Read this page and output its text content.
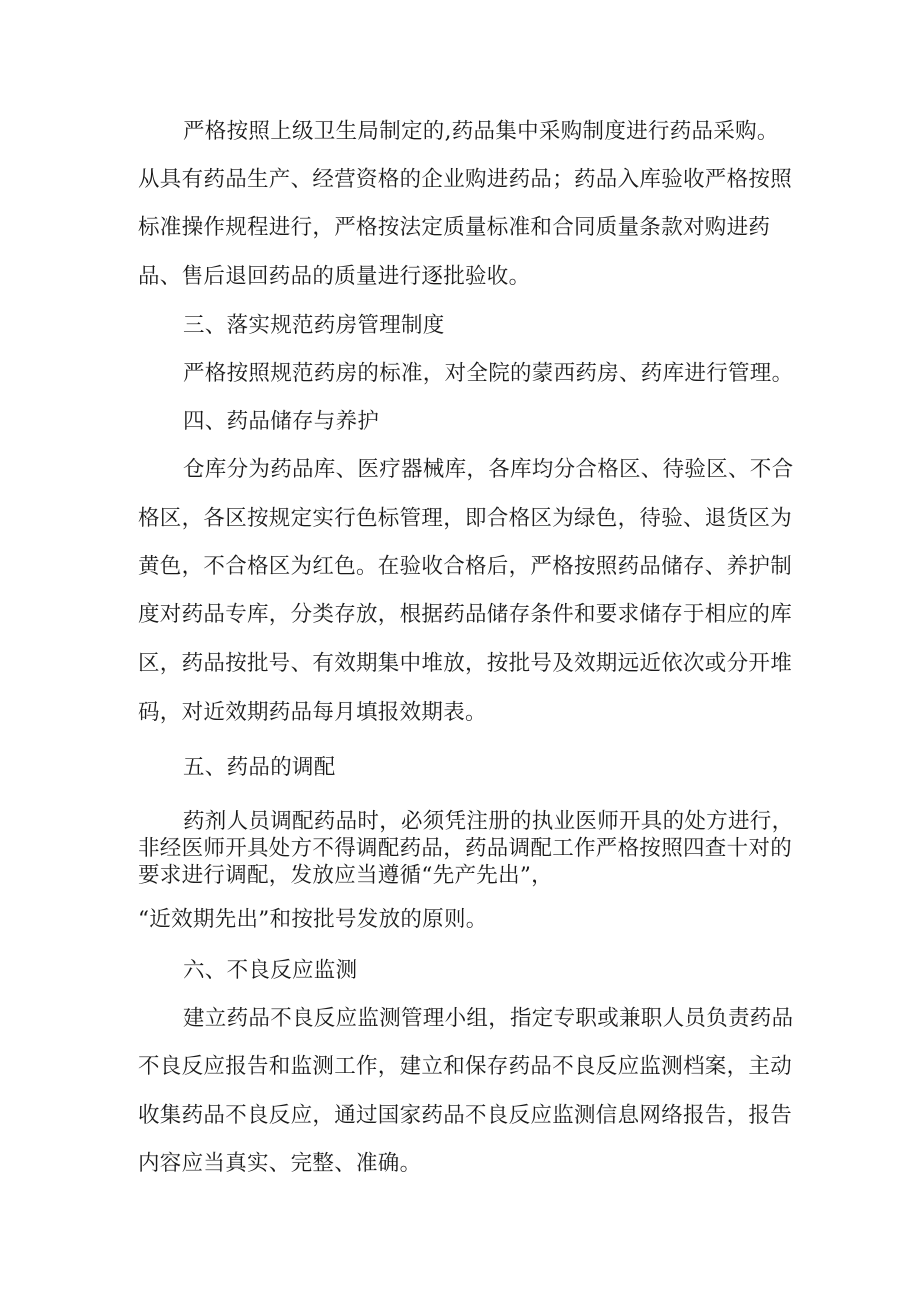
严格按照上级卫生局制定的,药品集中采购制度进行药品采购。
从具有药品生产、经营资格的企业购进药品；药品入库验收严格按照
标准操作规程进行，严格按法定质量标准和合同质量条款对购进药
品、售后退回药品的质量进行逐批验收。
三、落实规范药房管理制度
严格按照规范药房的标准，对全院的蒙西药房、药库进行管理。
四、药品储存与养护
仓库分为药品库、医疗器械库，各库均分合格区、待验区、不合
格区，各区按规定实行色标管理，即合格区为绿色，待验、退货区为
黄色，不合格区为红色。在验收合格后，严格按照药品储存、养护制
度对药品专库，分类存放，根据药品储存条件和要求储存于相应的库
区，药品按批号、有效期集中堆放，按批号及效期远近依次或分开堆
码，对近效期药品每月填报效期表。
五、药品的调配
药剂人员调配药品时，必须凭注册的执业医师开具的处方进行，
非经医师开具处方不得调配药品，药品调配工作严格按照四查十对的
要求进行调配，发放应当遵循“先产先出”，
“近效期先出”和按批号发放的原则。
六、不良反应监测
建立药品不良反应监测管理小组，指定专职或兼职人员负责药品
不良反应报告和监测工作，建立和保存药品不良反应监测档案，主动
收集药品不良反应，通过国家药品不良反应监测信息网络报告，报告
内容应当真实、完整、准确。
